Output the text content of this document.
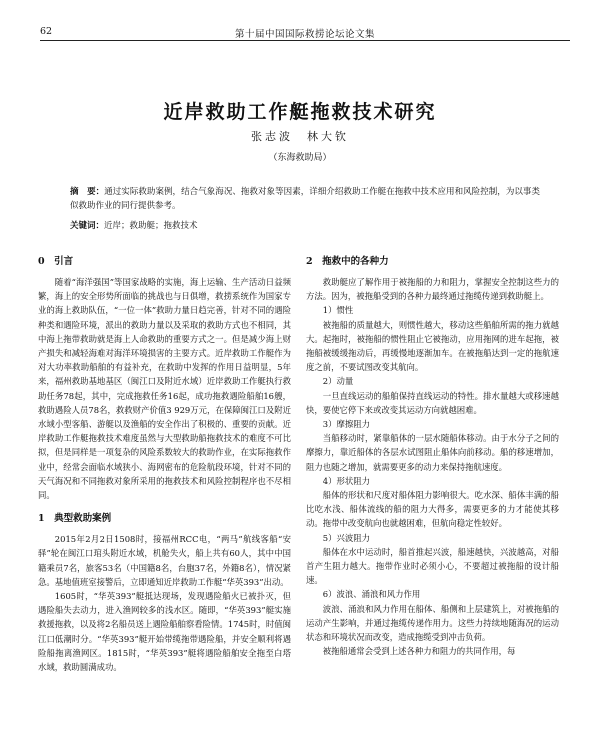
62	第十届中国国际救捞论坛论文集
近岸救助工作艇拖救技术研究
张志波　林大钦
（东海救助局）
摘　要：通过实际救助案例，结合气象海况、拖救对象等因素，详细介绍救助工作艇在拖救中技术应用和风险控制，为以事类似救助作业的同行提供参考。
关键词：近岸；救助艇；拖救技术
0　引言

随着“海洋强国”等国家战略的实施，海上运输、生产活动日益频繁，海上的安全形势所面临的挑战也与日俱增，救捞系统作为国家专业的海上救助队伍，“一位一体”救助力量日趋完善，针对不同的遇险种类和遇险环境，派出的救助力量以及采取的救助方式也不相同，其中海上拖带救助就是海上人命救助的重要方式之一。但是减少海上财产损失和减轻海难对海洋环境损害的主要方式。近岸救助工作艇作为对大功率救助船舶的有益补充，在救助中发挥的作用日益明显，5年来，福州救助基地基区（闽江口及附近水域）近岸救助工作艇执行救助任务78起，其中，完成拖救任务16起，成功拖救遇险船舶16艘，救助遇险人员78名，救救财产价值3 929万元，在保障闽江口及附近水域小型客船、游艇以及渔船的安全作出了积极的、重要的贡献。近岸救助工作艇拖救技术难度虽然与大型救助船拖救技术的难度不可比拟，但是同样是一项复杂的风险系数较大的救助作业，在实际拖救作业中，经常会面临水域狭小、海网密布的危险航段环境，针对不同的天气海况和不同拖救对象所采用的拖救技术和风险控制程序也不尽相同。

1　典型救助案例

2015年2月2日1508时，接福州RCC电，“两马”航线客船“安驿”轮在闽江口琯头附近水域，机舱失火，船上共有60人，其中中国籍乘员7名，旅客53名（中国籍8名，台胞37名，外籍8名），情况紧急。基地值班室接警后，立即通知近岸救助工作艇“华英393”出动。

1605时，“华英393”艇抵达现场，发现遇险船火已被扑灭，但遇险船失去动力，进入渔网较多的浅水区。随即，“华英393”艇实施救援拖救，以及将2名船员送上遇险船舶察看险情。1745时，时值闽江口低潮时分。“华英393”艇开始带缆拖带遇险船，并安全顺利将遇险船拖离渔网区。1815时，“华英393”艇将遇险船舶安全拖至白塔水域，救助圆满成功。

2　拖救中的各种力

救助艇应了解作用于被拖船的力和阻力，掌握安全控制这些力的方法。因为，被拖船受到的各种力最终通过拖缆传递到救助艇上。

1）惯性

被拖船的质量越大，则惯性越大，移动这些船舶所需的拖力就越大。起拖时，被拖船的惯性阻止它被拖动，应用拖网的进车起拖，被拖船被缓缓拖动后，再缓慢地逐渐加车。在被拖船达到一定的拖航速度之前，不要试图改变其航向。

2）动量

一旦直线运动的船舶保持直线运动的特性。排水量越大或移速越快，要使它停下来或改变其运动方向就越困难。

3）摩擦阻力

当船移动时，紧靠船体的一层水随船体移动。由于水分子之间的摩擦力，靠近船体的各层水试图阻止船体向前移动。船的移速增加，阻力也随之增加，就需要更多的动力来保持拖航速度。

4）形状阻力

船体的形状和尺度对船体阻力影响很大。吃水深、船体丰满的船比吃水浅、船体流线的船的阻力大得多，需要更多的力才能使其移动。拖带中改变航向也就越困难，但航向稳定性较好。

5）兴波阻力

船体在水中运动时，船首推起兴波，船速越快，兴波越高，对船首产生阻力越大。拖带作业时必须小心，不要超过被拖船的设计船速。

6）波浪、涌浪和风力作用

波浪、涌浪和风力作用在船体、船侧和上层建筑上，对被拖船的运动产生影响，并通过拖缆传递作用力。这些力持续地随海况的运动状态和环境状况而改变，造成拖缆受到冲击负荷。

被拖船通常会受到上述各种力和阻力的共同作用，每
